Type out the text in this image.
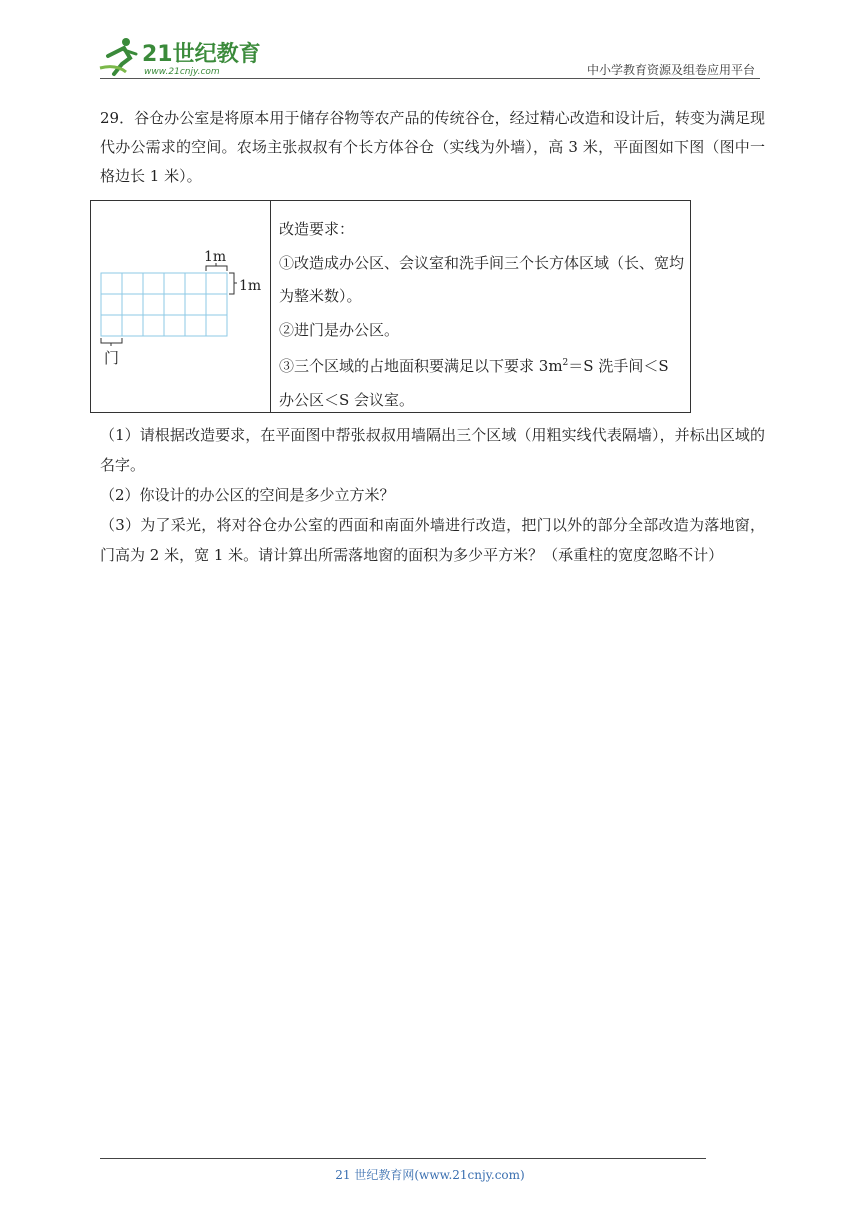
21世纪教育
www.21cnjy.com	中小学教育资源及组卷应用平台

29．谷仓办公室是将原本用于储存谷物等农产品的传统谷仓，经过精心改造和设计后，转变为满足现代办公需求的空间。农场主张叔叔有个长方体谷仓（实线为外墙），高 3 米，平面图如下图（图中一格边长 1 米）。

1m
1m
门

改造要求：

①改造成办公区、会议室和洗手间三个长方体区域（长、宽均为整米数）。

②进门是办公区。

③三个区域的占地面积要满足以下要求 $3m^2=S$ 洗手间＜S 办公区＜S 会议室。

（1）请根据改造要求，在平面图中帮张叔叔用墙隔出三个区域（用粗实线代表隔墙），并标出区域的名字。

（2）你设计的办公区的空间是多少立方米？

（3）为了采光，将对谷仓办公室的西面和南面外墙进行改造，把门以外的部分全部改造为落地窗，门高为 2 米，宽 1 米。请计算出所需落地窗的面积为多少平方米？（承重柱的宽度忽略不计）

21 世纪教育网(www.21cnjy.com)
